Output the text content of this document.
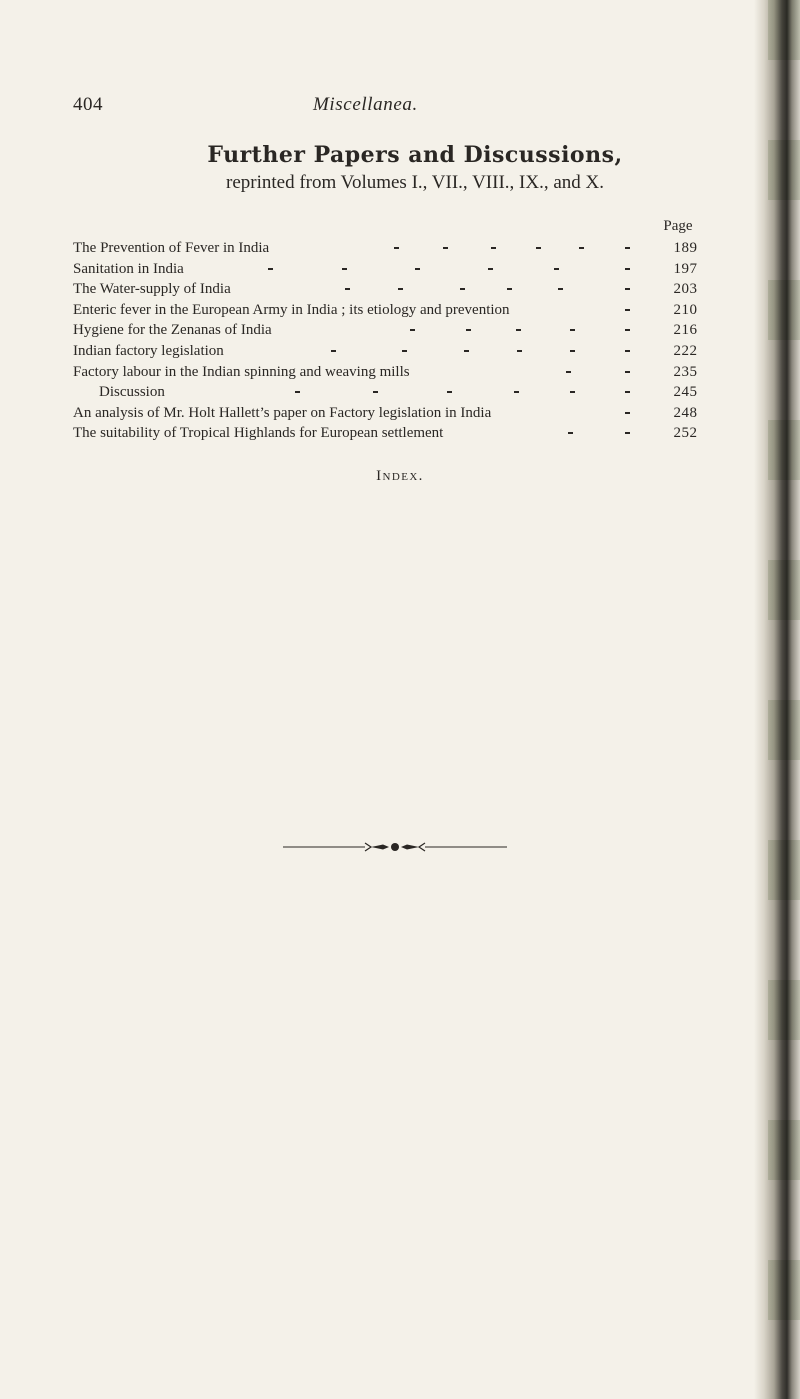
404	Miscellanea.
Further Papers and Discussions,
reprinted from Volumes I., VII., VIII., IX., and X.
Page
The Prevention of Fever in India	189
Sanitation in India	197
The Water-supply of India	203
Enteric fever in the European Army in India ; its etiology and prevention	210
Hygiene for the Zenanas of India	216
Indian factory legislation	222
Factory labour in the Indian spinning and weaving mills	235
Discussion	245
An analysis of Mr. Holt Hallett’s paper on Factory legislation in India	248
The suitability of Tropical Highlands for European settlement	252
Index.
